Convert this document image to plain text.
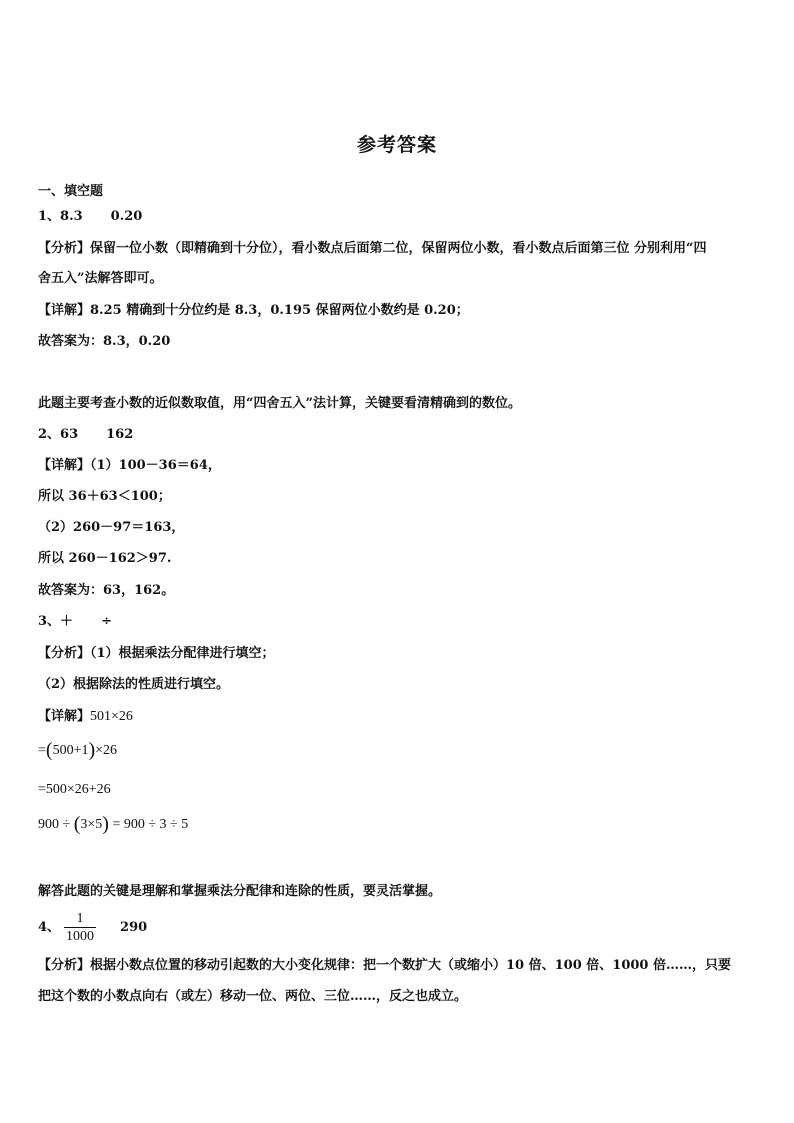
参考答案
一、填空题
1、8.3 0.20
【分析】保留一位小数（即精确到十分位），看小数点后面第二位，保留两位小数，看小数点后面第三位 分别利用“四
舍五入”法解答即可。
【详解】8.25 精确到十分位约是 8.3，0.195 保留两位小数约是 0.20；
故答案为：8.3，0.20
此题主要考查小数的近似数取值，用“四舍五入”法计算，关键要看清精确到的数位。
2、63 162
【详解】（1）100－36＝64，
所以 36＋63＜100；
（2）260－97＝163，
所以 260－162＞97.
故答案为：63，162。
3、＋ ÷
【分析】（1）根据乘法分配律进行填空；
（2）根据除法的性质进行填空。
【详解】501×26
=(500+1)×26
=500×26+26
900 ÷ (3×5) = 900 ÷ 3 ÷ 5
解答此题的关键是理解和掌握乘法分配律和连除的性质，要灵活掌握。
4、 $\frac{1}{1000} 290$
【分析】根据小数点位置的移动引起数的大小变化规律：把一个数扩大（或缩小）10 倍、100 倍、1000 倍……，只要
把这个数的小数点向右（或左）移动一位、两位、三位……，反之也成立。
